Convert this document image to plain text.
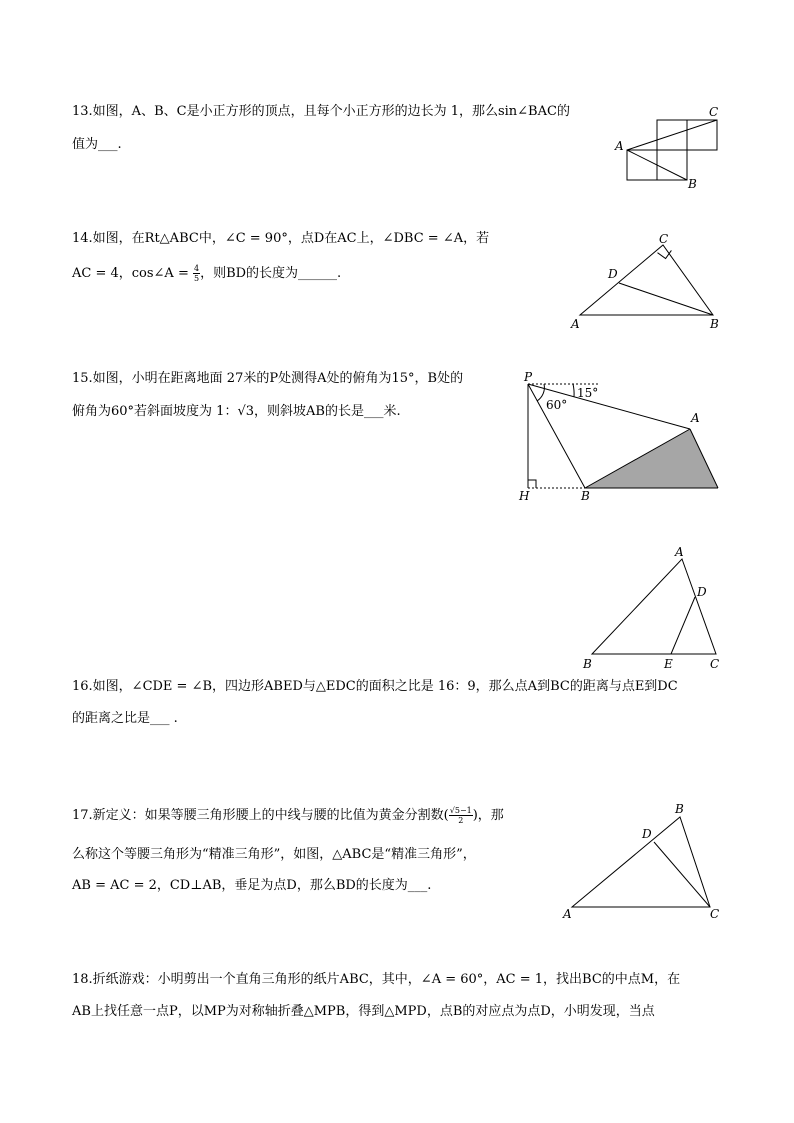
13.如图，A、B、C是小正方形的顶点，且每个小正方形的边长为 1，那么sin∠BAC的
值为___.	A
B
C
14.如图，在Rt△ABC中，∠C = 90°，点D在AC上，∠DBC = ∠A，若
AC = 4，cos∠A = $\frac{4}{5}$ ，则BD的长度为______.
A	B
C
D
15.如图，小明在距离地面 27米的P处测得A处的俯角为15°，B处的
俯角为60°若斜面坡度为 1：√3，则斜坡AB的长是___米.
P
A
B
H
15°
60°
A
B	C
D
E
16.如图，∠CDE = ∠B，四边形ABED与△EDC的面积之比是 16：9，那么点A到BC的距离与点E到DC
的距离之比是___ .
17.新定义：如果等腰三角形腰上的中线与腰的比值为黄金分割数( $\frac{√5-1}{2}$ )，那
么称这个等腰三角形为“精准三角形”，如图，△ABC是“精准三角形”，
AB = AC = 2，CD⊥AB，垂足为点D，那么BD的长度为___.
B
A	C
D
18.折纸游戏：小明剪出一个直角三角形的纸片ABC，其中，∠A = 60°，AC = 1，找出BC的中点M，在
AB上找任意一点P，以MP为对称轴折叠△MPB，得到△MPD，点B的对应点为点D，小明发现，当点
